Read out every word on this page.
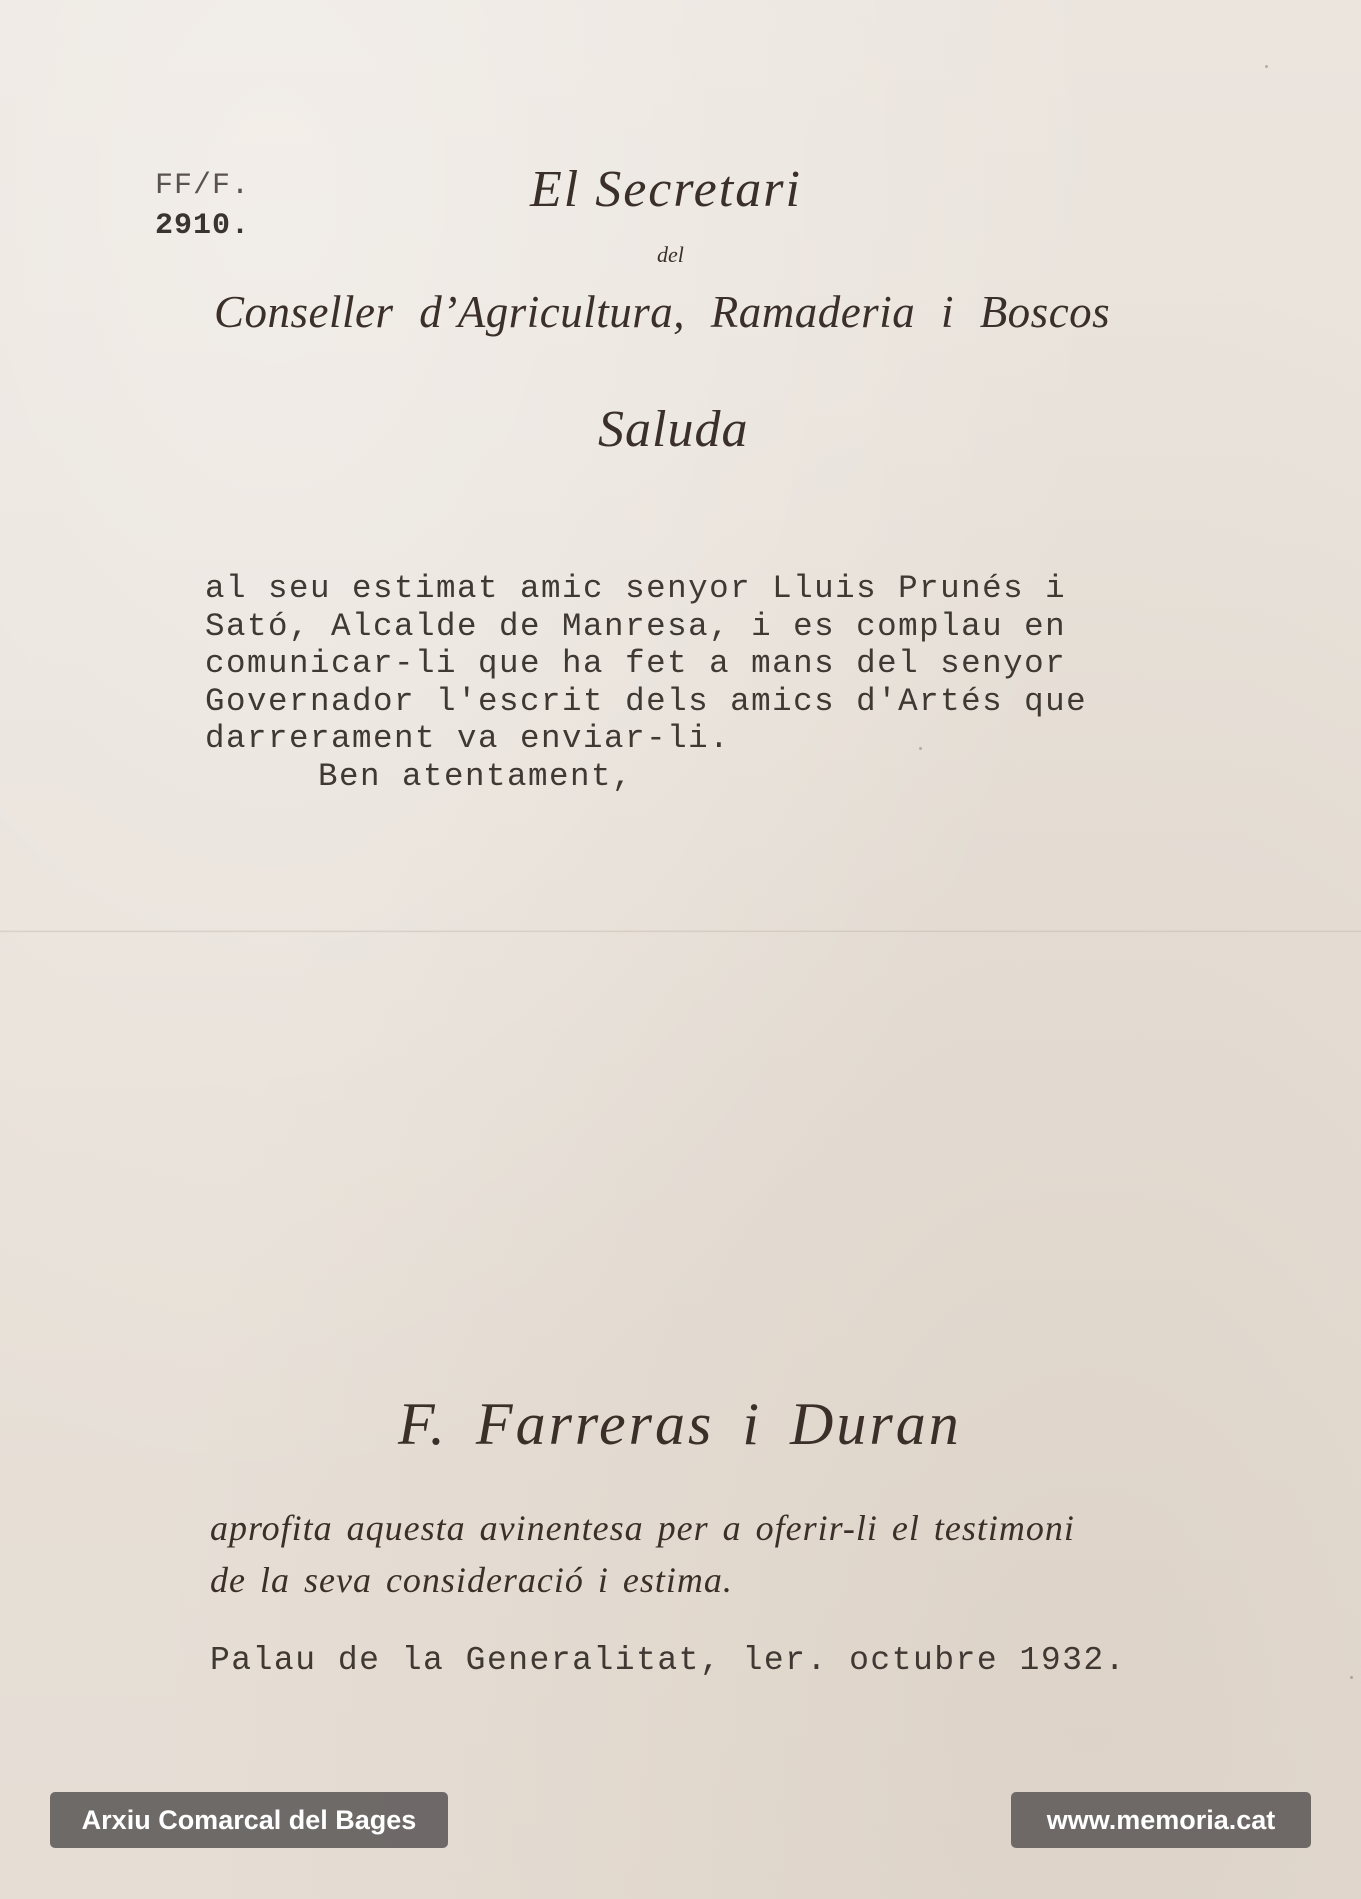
FF/F.
2910.
El Secretari
del
Conseller d’Agricultura, Ramaderia i Boscos
Saluda
al seu estimat amic senyor Lluis Prunés i
Sató, Alcalde de Manresa, i es complau en
comunicar-li que ha fet a mans del senyor
Governador l'escrit dels amics d'Artés que
darrerament va enviar-li.
Ben atentament,
F. Farreras i Duran
aprofita aquesta avinentesa per a oferir-li el testimoni
de la seva consideració i estima.
Palau de la Generalitat, ler. octubre 1932.
Arxiu Comarcal del Bages	www.memoria.cat
